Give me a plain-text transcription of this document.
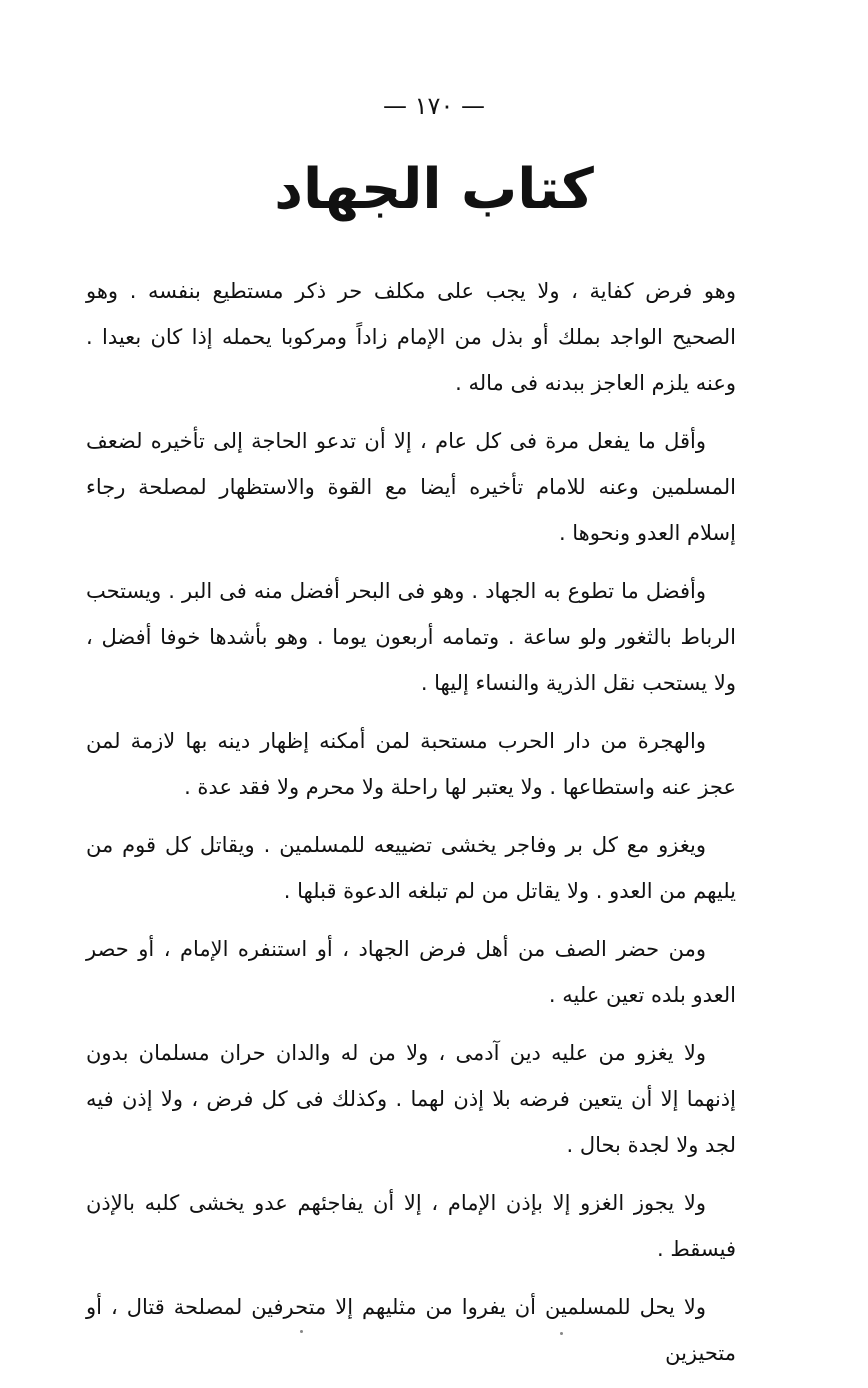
— ١٧٠ —
كتاب الجهاد

وهو فرض كفاية ، ولا يجب على مكلف حر ذكر مستطيع بنفسه . وهو الصحيح الواجد بملك أو بذل من الإمام زاداً ومركوبا يحمله إذا كان بعيدا . وعنه يلزم العاجز ببدنه فى ماله .

وأقل ما يفعل مرة فى كل عام ، إلا أن تدعو الحاجة إلى تأخيره لضعف المسلمين وعنه للامام تأخيره أيضا مع القوة والاستظهار لمصلحة رجاء إسلام العدو ونحوها .

وأفضل ما تطوع به الجهاد . وهو فى البحر أفضل منه فى البر . ويستحب الرباط بالثغور ولو ساعة . وتمامه أربعون يوما . وهو بأشدها خوفا أفضل ، ولا يستحب نقل الذرية والنساء إليها .

والهجرة من دار الحرب مستحبة لمن أمكنه إظهار دينه بها لازمة لمن عجز عنه واستطاعها . ولا يعتبر لها راحلة ولا محرم ولا فقد عدة .

ويغزو مع كل بر وفاجر يخشى تضييعه للمسلمين . ويقاتل كل قوم من يليهم من العدو . ولا يقاتل من لم تبلغه الدعوة قبلها .

ومن حضر الصف من أهل فرض الجهاد ، أو استنفره الإمام ، أو حصر العدو بلده تعين عليه .

ولا يغزو من عليه دين آدمى ، ولا من له والدان حران مسلمان بدون إذنهما إلا أن يتعين فرضه بلا إذن لهما . وكذلك فى كل فرض ، ولا إذن فيه لجد ولا لجدة بحال .

ولا يجوز الغزو إلا بإذن الإمام ، إلا أن يفاجئهم عدو يخشى كلبه بالإذن فيسقط .

ولا يحل للمسلمين أن يفروا من مثليهم إلا متحرفين لمصلحة قتال ، أو متحيزين
